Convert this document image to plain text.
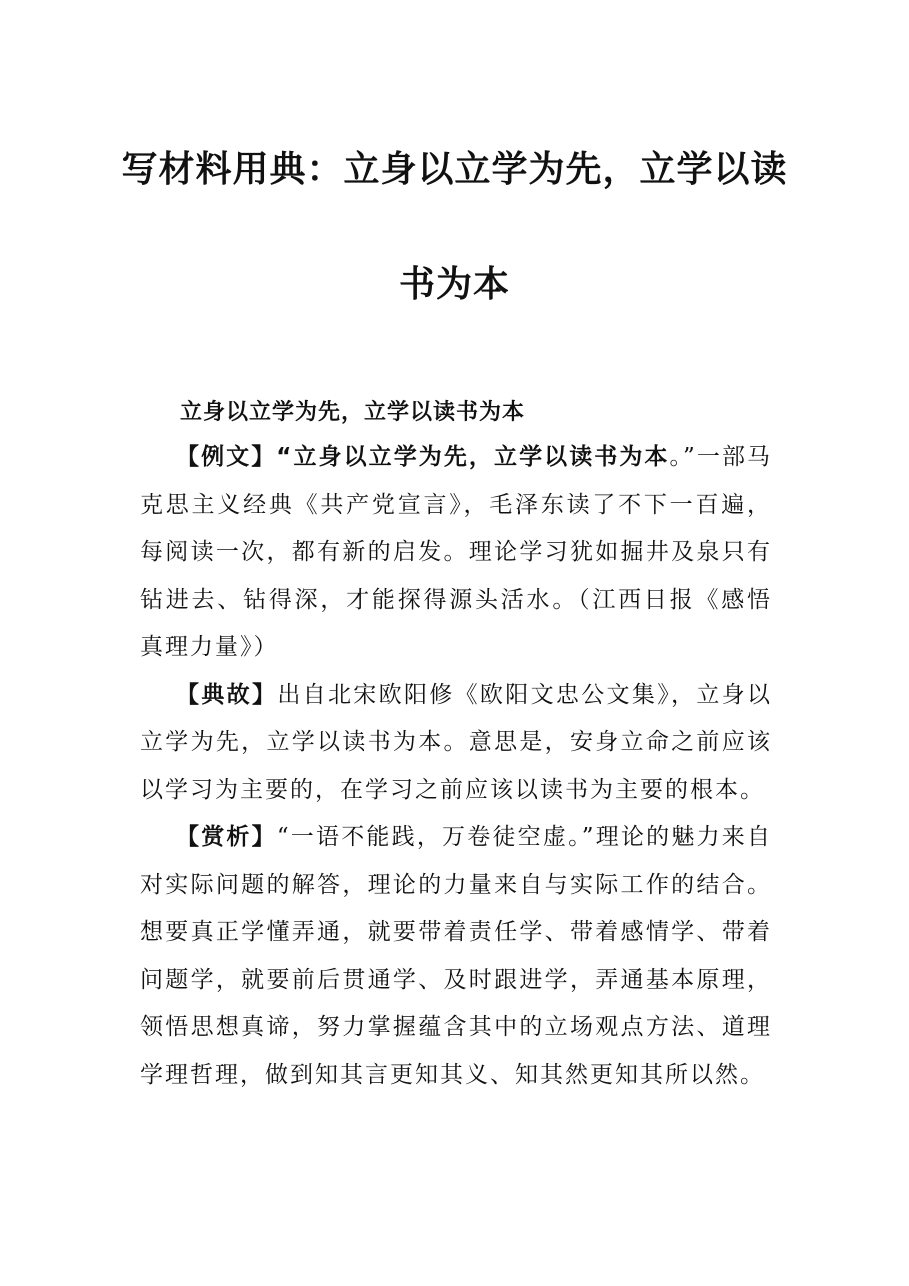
写材料用典：立身以立学为先，立学以读
书为本

立身以立学为先，立学以读书为本

【例文】“立身以立学为先，立学以读书为本。”一部马克思主义经典《共产党宣言》，毛泽东读了不下一百遍，每阅读一次，都有新的启发。理论学习犹如掘井及泉只有钻进去、钻得深，才能探得源头活水。（江西日报《感悟真理力量》）

【典故】出自北宋欧阳修《欧阳文忠公文集》，立身以立学为先，立学以读书为本。意思是，安身立命之前应该以学习为主要的，在学习之前应该以读书为主要的根本。

【赏析】“一语不能践，万卷徒空虚。”理论的魅力来自对实际问题的解答，理论的力量来自与实际工作的结合。想要真正学懂弄通，就要带着责任学、带着感情学、带着问题学，就要前后贯通学、及时跟进学，弄通基本原理，领悟思想真谛，努力掌握蕴含其中的立场观点方法、道理学理哲理，做到知其言更知其义、知其然更知其所以然。
